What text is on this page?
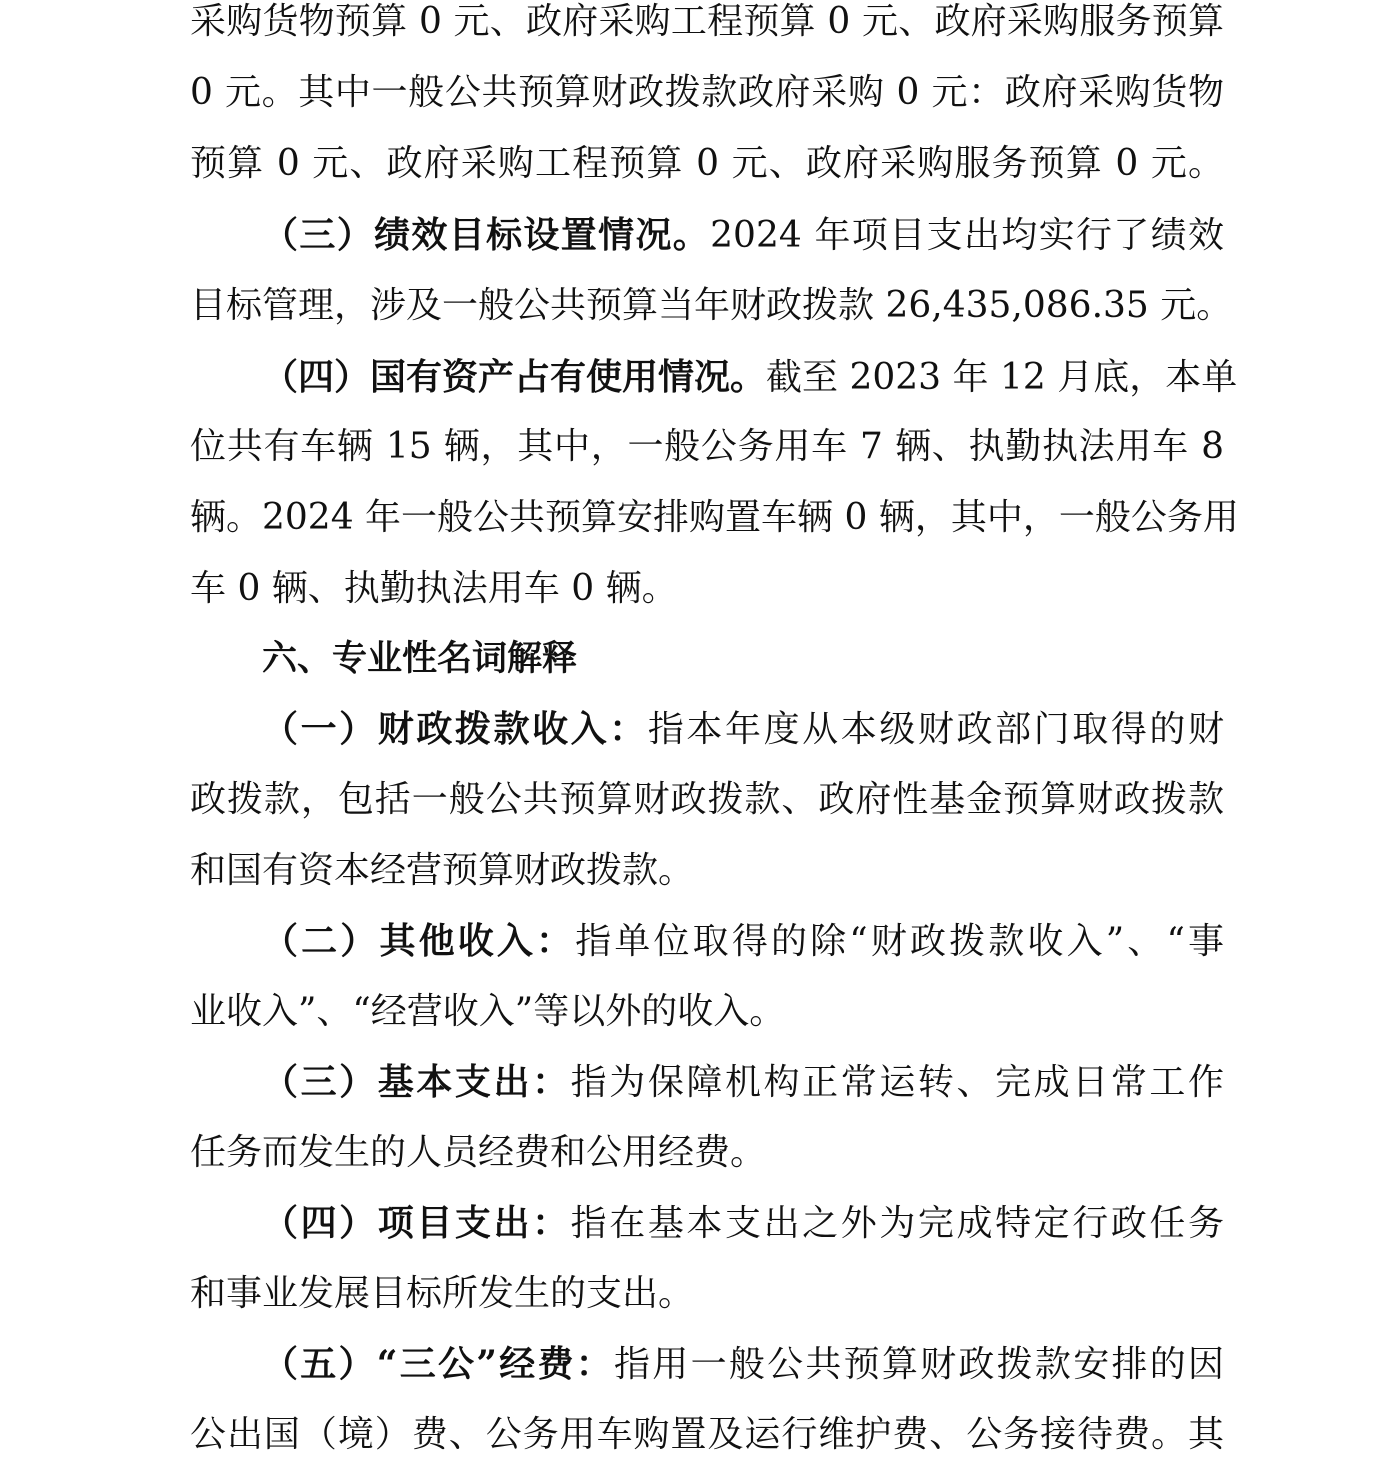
采购货物预算 0 元、政府采购工程预算 0 元、政府采购服务预算
0 元。其中一般公共预算财政拨款政府采购 0 元：政府采购货物
预算 0 元、政府采购工程预算 0 元、政府采购服务预算 0 元。
（三）绩效目标设置情况。2024 年项目支出均实行了绩效
目标管理，涉及一般公共预算当年财政拨款 26,435,086.35 元。
（四）国有资产占有使用情况。截至 2023 年 12 月底，本单
位共有车辆 15 辆，其中，一般公务用车 7 辆、执勤执法用车 8
辆。2024 年一般公共预算安排购置车辆 0 辆，其中，一般公务用
车 0 辆、执勤执法用车 0 辆。
六、专业性名词解释
（一）财政拨款收入：指本年度从本级财政部门取得的财
政拨款，包括一般公共预算财政拨款、政府性基金预算财政拨款
和国有资本经营预算财政拨款。
（二）其他收入：指单位取得的除“财政拨款收入”、“事
业收入”、“经营收入”等以外的收入。
（三）基本支出：指为保障机构正常运转、完成日常工作
任务而发生的人员经费和公用经费。
（四）项目支出：指在基本支出之外为完成特定行政任务
和事业发展目标所发生的支出。
（五）“三公”经费：指用一般公共预算财政拨款安排的因
公出国（境）费、公务用车购置及运行维护费、公务接待费。其
